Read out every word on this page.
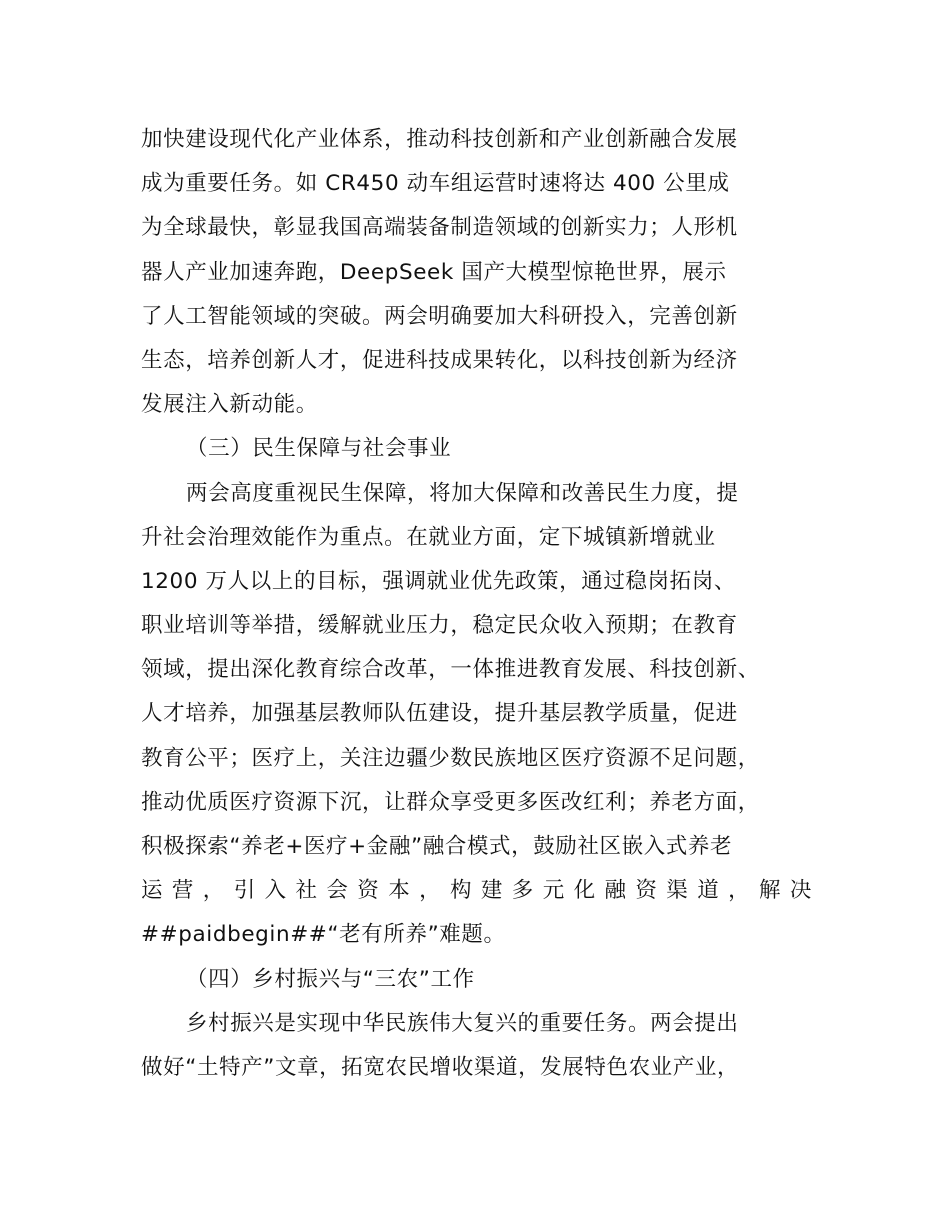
加快建设现代化产业体系，推动科技创新和产业创新融合发展
成为重要任务。如 CR450 动车组运营时速将达 400 公里成
为全球最快，彰显我国高端装备制造领域的创新实力；人形机
器人产业加速奔跑，DeepSeek 国产大模型惊艳世界，展示
了人工智能领域的突破。两会明确要加大科研投入，完善创新
生态，培养创新人才，促进科技成果转化，以科技创新为经济
发展注入新动能。
（三）民生保障与社会事业
两会高度重视民生保障，将加大保障和改善民生力度，提
升社会治理效能作为重点。在就业方面，定下城镇新增就业
1200 万人以上的目标，强调就业优先政策，通过稳岗拓岗、
职业培训等举措，缓解就业压力，稳定民众收入预期；在教育
领域，提出深化教育综合改革，一体推进教育发展、科技创新、
人才培养，加强基层教师队伍建设，提升基层教学质量，促进
教育公平；医疗上，关注边疆少数民族地区医疗资源不足问题，
推动优质医疗资源下沉，让群众享受更多医改红利；养老方面，
积极探索“养老+医疗+金融”融合模式，鼓励社区嵌入式养老
运营，引入社会资本，构建多元化融资渠道，解决
##paidbegin##“老有所养”难题。
（四）乡村振兴与“三农”工作
乡村振兴是实现中华民族伟大复兴的重要任务。两会提出
做好“土特产”文章，拓宽农民增收渠道，发展特色农业产业，
